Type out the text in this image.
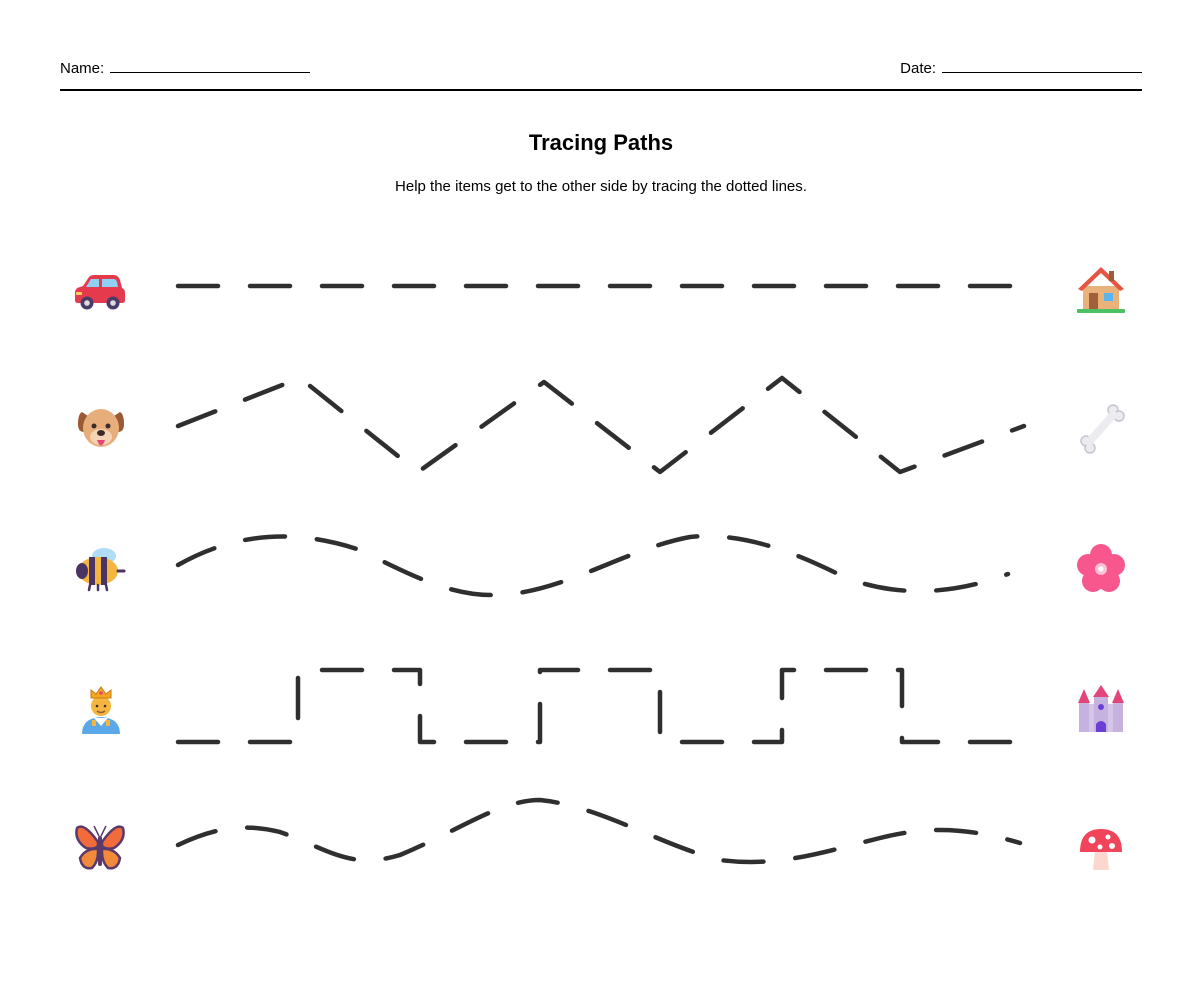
Name:	Date:
Tracing Paths
Help the items get to the other side by tracing the dotted lines.
